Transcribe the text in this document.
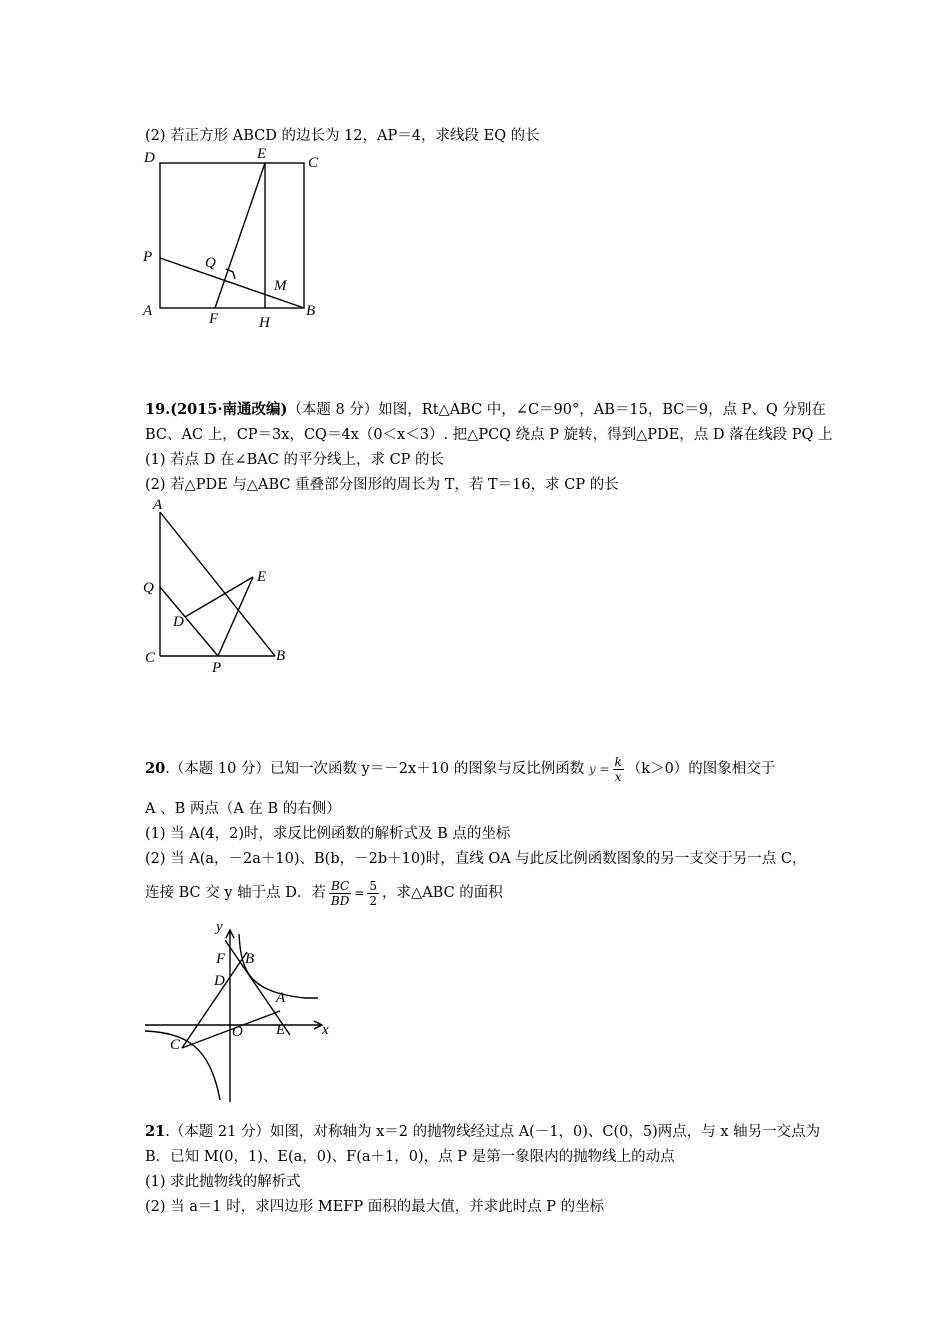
(2) 若正方形 ABCD 的边长为 12，AP＝4，求线段 EQ 的长
D	E
C
P	Q
M
A	F	H
B
19.(2015·南通改编)（本题 8 分）如图，Rt△ABC 中，∠C＝90°，AB＝15，BC＝9，点 P、Q 分别在
BC、AC 上，CP＝3x，CQ＝4x（0＜x＜3）. 把△PCQ 绕点 P 旋转，得到△PDE，点 D 落在线段 PQ 上
(1) 若点 D 在∠BAC 的平分线上，求 CP 的长
(2) 若△PDE 与△ABC 重叠部分图形的周长为 T，若 T＝16，求 CP 的长
A
Q
E
D
C
P
B
20.（本题 10 分）已知一次函数 y＝－2x＋10 的图象与反比例函数 $y = \frac{k}{x} (k>0)$的图象相交于
A 、B 两点（A 在 B 的右侧）
(1) 当 A(4，2)时，求反比例函数的解析式及 B 点的坐标
(2) 当 A(a，－2a＋10)、B(b，－2b＋10)时，直线 OA 与此反比例函数图象的另一支交于另一点 C，
连接 BC 交 y 轴于点 D．若 $\frac{BC}{BD} = \frac{5}{2}$ ，求△ABC 的面积
y
F B
D
A
O E x
C
21.（本题 21 分）如图，对称轴为 x＝2 的抛物线经过点 A(－1，0)、C(0，5)两点，与 x 轴另一交点为
B．已知 M(0，1)、E(a，0)、F(a＋1，0)，点 P 是第一象限内的抛物线上的动点
(1) 求此抛物线的解析式
(2) 当 a＝1 时，求四边形 MEFP 面积的最大值，并求此时点 P 的坐标
